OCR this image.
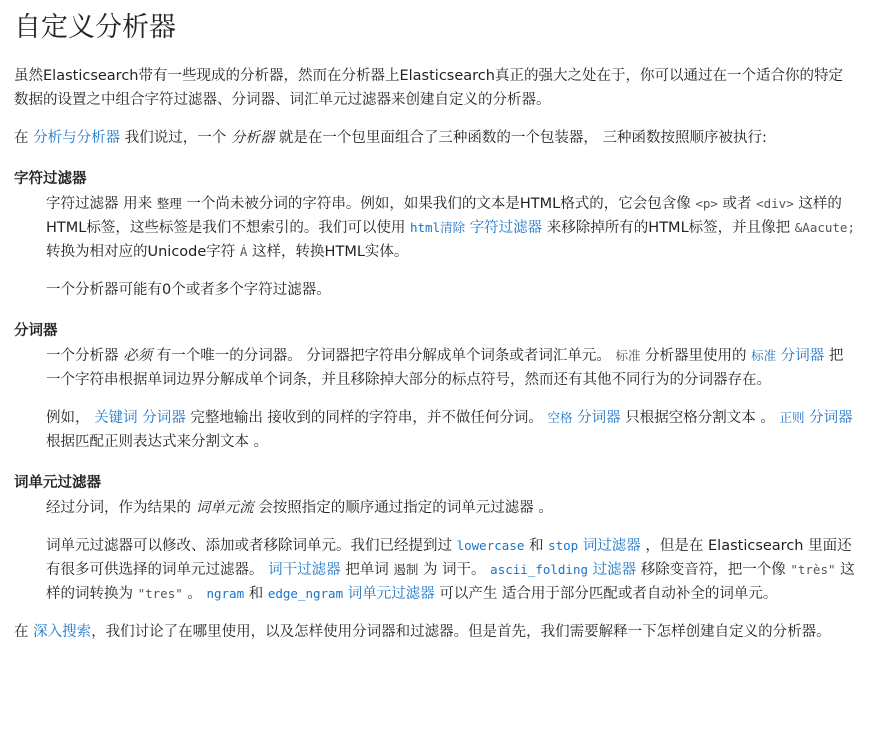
自定义分析器

虽然Elasticsearch带有一些现成的分析器，然而在分析器上Elasticsearch真正的强大之处在于，你可以通过在一个适合你的特定数据的设置之中组合字符过滤器、分词器、词汇单元过滤器来创建自定义的分析器。

在 分析与分析器 我们说过，一个 分析器 就是在一个包里面组合了三种函数的一个包装器， 三种函数按照顺序被执行:

字符过滤器

字符过滤器 用来 整理 一个尚未被分词的字符串。例如，如果我们的文本是HTML格式的，它会包含像 <p> 或者 <div> 这样的HTML标签，这些标签是我们不想索引的。我们可以使用 html清除 字符过滤器 来移除掉所有的HTML标签，并且像把 &Aacute; 转换为相对应的Unicode字符 Á 这样，转换HTML实体。

一个分析器可能有0个或者多个字符过滤器。

分词器

一个分析器 必须 有一个唯一的分词器。 分词器把字符串分解成单个词条或者词汇单元。 标准 分析器里使用的 标准 分词器 把一个字符串根据单词边界分解成单个词条，并且移除掉大部分的标点符号，然而还有其他不同行为的分词器存在。

例如， 关键词 分词器 完整地输出 接收到的同样的字符串，并不做任何分词。 空格 分词器 只根据空格分割文本 。 正则 分词器 根据匹配正则表达式来分割文本 。

词单元过滤器

经过分词，作为结果的 词单元流 会按照指定的顺序通过指定的词单元过滤器 。

词单元过滤器可以修改、添加或者移除词单元。我们已经提到过 lowercase 和 stop 词过滤器 ，但是在 Elasticsearch 里面还有很多可供选择的词单元过滤器。 词干过滤器 把单词 遏制 为 词干。 ascii_folding 过滤器 移除变音符，把一个像 "très" 这样的词转换为 "tres" 。 ngram 和 edge_ngram 词单元过滤器 可以产生 适合用于部分匹配或者自动补全的词单元。

在 深入搜索，我们讨论了在哪里使用，以及怎样使用分词器和过滤器。但是首先，我们需要解释一下怎样创建自定义的分析器。
